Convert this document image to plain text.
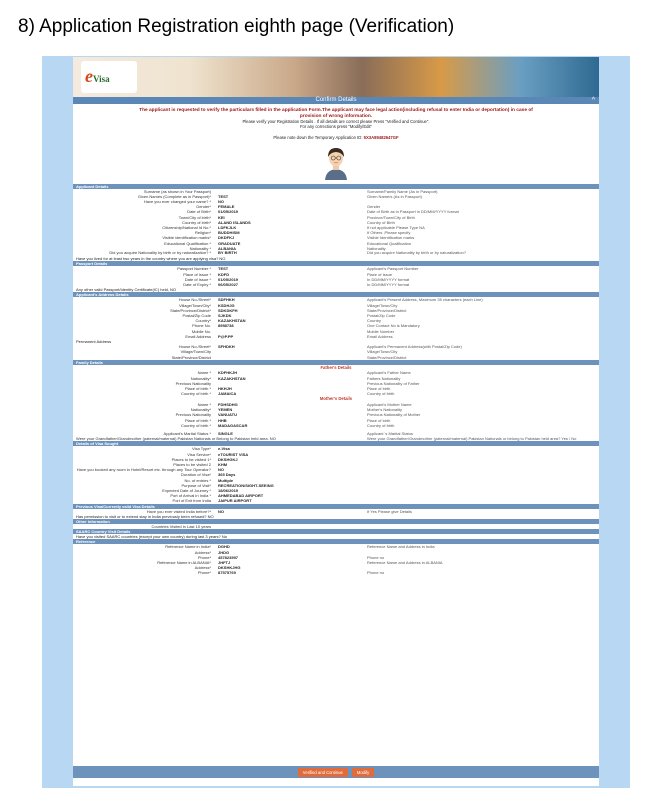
8) Application Registration eighth page (Verification)
eVisa
Confirm Details	^
The applicant is requested to verify the particulars filled in the application Form.The applicant may face legal action(including refusal to enter India or deportation) in case of provision of wrong information.
Please verify your Registration Details . If all details are correct please Press "Verified and Continue".
For any corrections press "Modify/Edit"
Please note down the Temporary Application ID: 5X3A89482647GF
Applicant Details
Surname (as shown in Your Passport)	Surname/Family Name (As in Passport)
Given Names (Complete as in Passport)*	TEST	Given Name/s (As in Passport)
Have you ever changed your name? *	NO
Gender*	FEMALE	Gender
Date of Birth*	01/05/2019	Date of Birth as in Passport in DD/MM/YYYY format
Town/City of birth*	KEI	Province/Town/City of Birth
Country of birth*	ALAND ISLANDS	Country of Birth
Citizenship/National Id No.*	LDFKJLK	If not applicable Please Type NA
Religion*	BUDDHISM	If Others ,Please specify
Visible identification marks*	DKDFKJ	Visible Identification marks
Educational Qualification *	GRADUATE	Educational Qualification
Nationality *	ALBANIA	Nationality
Did you acquire Nationality by birth or by naturalization? *	BY BIRTH	Did you acquire Nationality by birth or by naturalization?
Have you lived for at least two years in the country where you are applying visa? NO
Passport Details
Passport Number *	TEST	Applicant's Passport Number
Place of Issue *	KDFD	Place of Issue
Date of Issue *	01/05/2019	In DD/MM/YYYY format
Date of Expiry *	06/05/2027	In DD/MM/YYYY format
Any other valid Passport/Identity Certificate(IC) held, NO
Applicant's Address Details
House No./Street*	SDFHKH	Applicant's Present Address, Maximum 35 characters (each Line)
Village/Town/City*	KSDHJG	Village/Town/City
State/Province/District*	SDKDKFH	State/Province/District
Postal/Zip Code	SJKDK	Postal/Zip Code
Country*	KAZAKHSTAN	Country
Phone No.	8958738	One Contact No is Mandatory
Mobile No.	Mobile Number
Email Address	P@P.PP	Email Address
Permanent Address
House No./Street*	SFHDKH	Applicant's Permanent Address(with Postal/Zip Code)
Village/Town/City	Village/Town/City
State/Province/District	State/Province/District
Family Details
Father's Details
Name *	KDFHKJH	Applicant's Father Name
Nationality*	KAZAKHSTAN	Fathers Nationality
Previous Nationality	Previous Nationality of Father
Place of birth *	HKHJH	Place of birth
Country of birth *	JAMAICA	Country of birth
Mother's Details
Name *	FDHSDHG	Applicant's Mother Name
Nationality*	YEMEN	Mother's Nationality
Previous Nationality	VANUATU	Previous Nationality of Mother
Place of birth *	HHB	Place of birth
Country of birth *	MADAGASCAR	Country of birth
Applicant's Marital Status *	SINGLE	Applicant 's Marital Status
Were your Grandfather/Grandmother (paternal/maternal) Pakistan Nationals or Belong to Pakistan held area. NO	Were your Grandfather/Grandmother (paternal/maternal) Pakistan Nationals or belong to Pakistan held area? Yes / No
Details of Visa Sought
Visa Type*	e-Visa
Visa Service*	eTOURIST VISA
Places to be visited 1*	DKSHGKJ
Places to be visited 2	KHM
Have you booked any room in Hotel/Resort etc. through any Tour Operator?	NO
Duration of Visa*	365 Days
No. of entries *	Multiple
Purpose of Visit*	RECREATION/SIGHT-SEEING
Expected Date of Journey *	18/06/2019
Port of Arrival in India *	AHMEDABAD AIRPORT
Port of Exit from India	JAIPUR AIRPORT
Previous Visa/Currently valid Visa Details
Have you ever visited India before?*	NO	If Yes Please give Details
Has permission to visit or to extend stay in India previously been refused? NO
Other Information
Countries Visited in Last 10 years
SAARC Country Visit Details
Have you visited SAARC countries (except your own country) during last 3 years? No
Reference
Reference Name in India*	DGHD	Reference Name and Address in India
Address*	JHDG
Phone*	457823597	Phone no
Reference Name in ALBANIA*	JHFTJ	Reference Name and Address in ALBANIA
Address*	DKSHKJHG
Phone*	87575769	Phone no
Verified and Continue	Modify
